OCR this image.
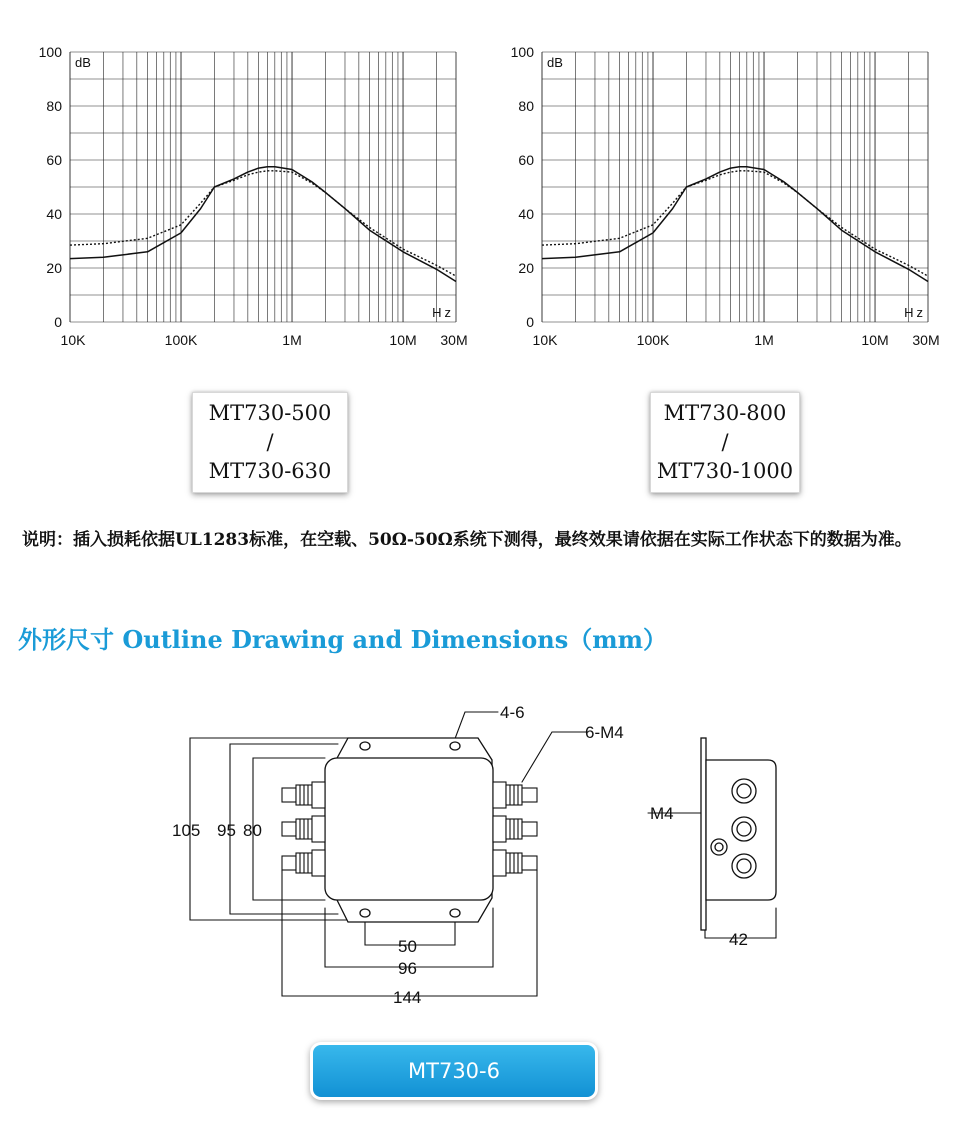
0
20
40
60
80
100
10K	100K	1M	10M 30M
dB
Hz
0
20
40
60
80
100
10K	100K	1M	10M 30M
dB
Hz
MT730-500
/
MT730-630
MT730-800
/
MT730-1000
说明：插入损耗依据UL1283标准，在空载、50Ω-50Ω系统下测得，最终效果请依据在实际工作状态下的数据为准。
外形尺寸 Outline Drawing and Dimensions（mm）
4-6
6-M4
105 95 80
50
96
144
M4
42
MT730-6
